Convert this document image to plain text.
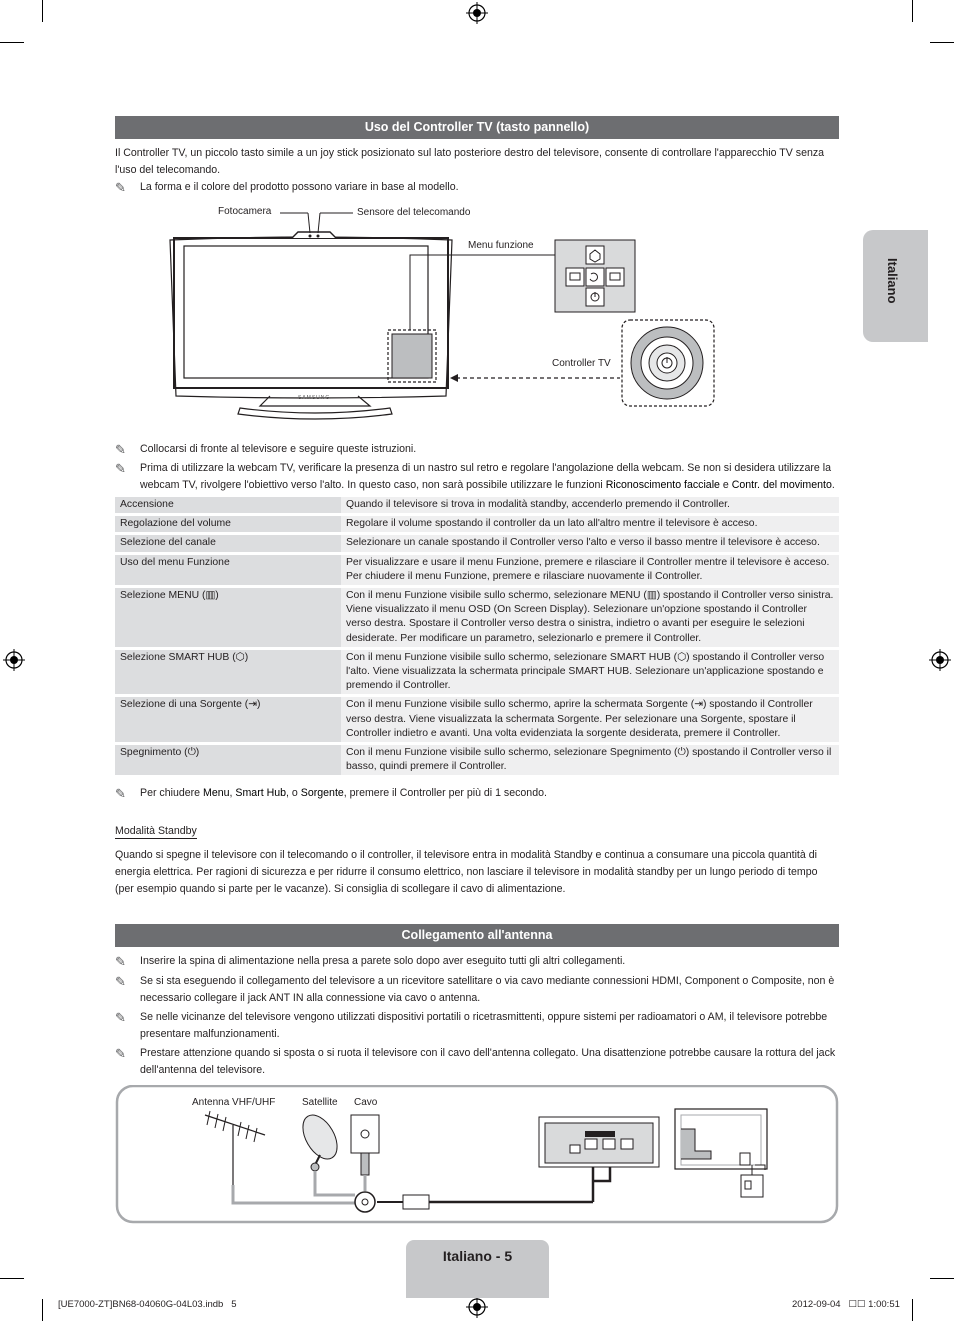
Italiano
Uso del Controller TV (tasto pannello)
Il Controller TV, un piccolo tasto simile a un joy stick posizionato sul lato posteriore destro del televisore, consente di controllare l'apparecchio TV senza l'uso del telecomando.
✎ La forma e il colore del prodotto possono variare in base al modello.
Fotocamera	Sensore del telecomando
Menu funzione
Controller TV
SAMSUNG
✎ Collocarsi di fronte al televisore e seguire queste istruzioni.
✎ Prima di utilizzare la webcam TV, verificare la presenza di un nastro sul retro e regolare l'angolazione della webcam. Se non si desidera utilizzare la webcam TV, rivolgere l'obiettivo verso l'alto. In questo caso, non sarà possibile utilizzare le funzioni Riconoscimento facciale e Contr. del movimento.
Accensione	Quando il televisore si trova in modalità standby, accenderlo premendo il Controller.
Regolazione del volume	Regolare il volume spostando il controller da un lato all'altro mentre il televisore è acceso.
Selezione del canale	Selezionare un canale spostando il Controller verso l'alto e verso il basso mentre il televisore è acceso.
Uso del menu Funzione	Per visualizzare e usare il menu Funzione, premere e rilasciare il Controller mentre il televisore è acceso. Per chiudere il menu Funzione, premere e rilasciare nuovamente il Controller.
Selezione MENU (▥)	Con il menu Funzione visibile sullo schermo, selezionare MENU (▥) spostando il Controller verso sinistra. Viene visualizzato il menu OSD (On Screen Display). Selezionare un'opzione spostando il Controller verso destra. Spostare il Controller verso destra o sinistra, indietro o avanti per eseguire le selezioni desiderate. Per modificare un parametro, selezionarlo e premere il Controller.
Selezione SMART HUB (⬡)	Con il menu Funzione visibile sullo schermo, selezionare SMART HUB (⬡) spostando il Controller verso l'alto. Viene visualizzata la schermata principale SMART HUB. Selezionare un'applicazione spostando e premendo il Controller.
Selezione di una Sorgente (⇥)	Con il menu Funzione visibile sullo schermo, aprire la schermata Sorgente (⇥) spostando il Controller verso destra. Viene visualizzata la schermata Sorgente. Per selezionare una Sorgente, spostare il Controller indietro e avanti. Una volta evidenziata la sorgente desiderata, premere il Controller.
Spegnimento (⏻)	Con il menu Funzione visibile sullo schermo, selezionare Spegnimento (⏻) spostando il Controller verso il basso, quindi premere il Controller.
✎ Per chiudere Menu, Smart Hub, o Sorgente, premere il Controller per più di 1 secondo.
Modalità Standby
Quando si spegne il televisore con il telecomando o il controller, il televisore entra in modalità Standby e continua a consumare una piccola quantità di energia elettrica. Per ragioni di sicurezza e per ridurre il consumo elettrico, non lasciare il televisore in modalità standby per un lungo periodo di tempo (per esempio quando si parte per le vacanze). Si consiglia di scollegare il cavo di alimentazione.
Collegamento all'antenna
✎ Inserire la spina di alimentazione nella presa a parete solo dopo aver eseguito tutti gli altri collegamenti.
✎ Se si sta eseguendo il collegamento del televisore a un ricevitore satellitare o via cavo mediante connessioni HDMI, Component o Composite, non è necessario collegare il jack ANT IN alla connessione via cavo o antenna.
✎ Se nelle vicinanze del televisore vengono utilizzati dispositivi portatili o ricetrasmittenti, oppure sistemi per radioamatori o AM, il televisore potrebbe presentare malfunzionamenti.
✎ Prestare attenzione quando si sposta o si ruota il televisore con il cavo dell'antenna collegato. Una disattenzione potrebbe causare la rottura del jack dell'antenna del televisore.
Antenna VHF/UHF	Satellite Cavo
Italiano - 5
[UE7000-ZT]BN68-04060G-04L03.indb   5	2012-09-04   ☐☐ 1:00:51
